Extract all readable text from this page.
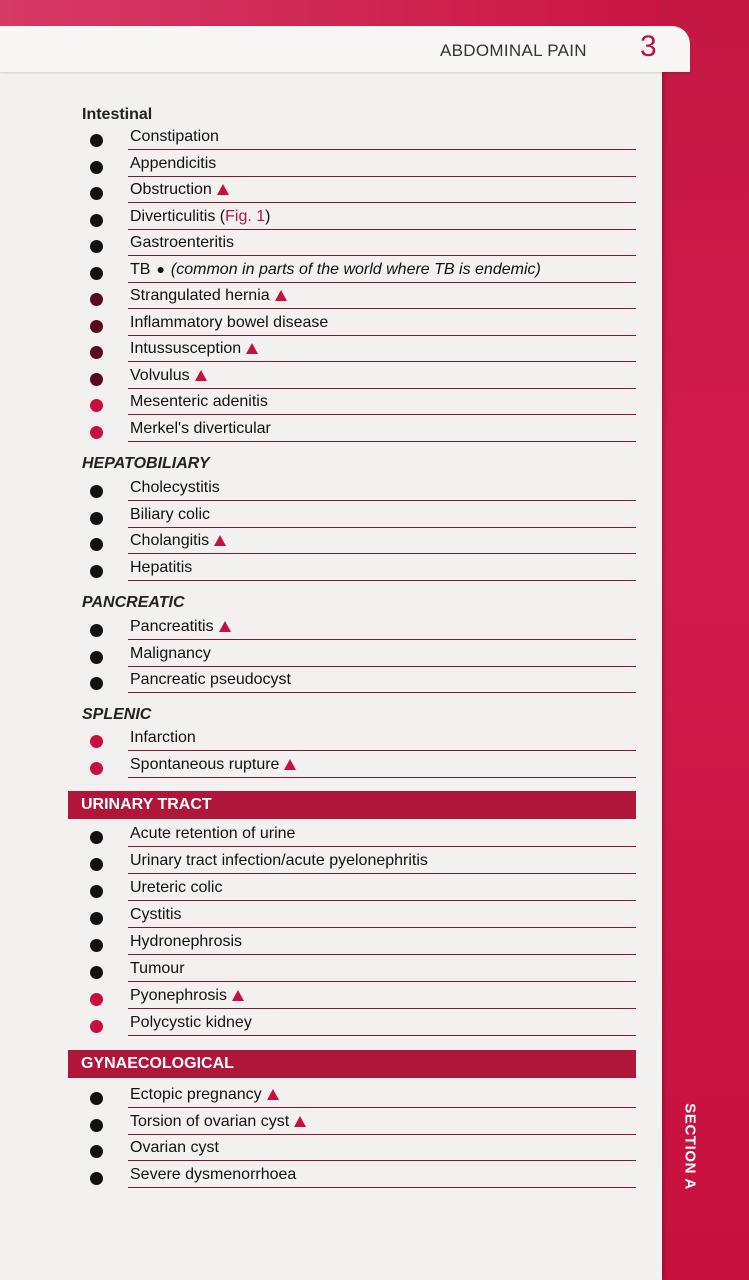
ABDOMINAL PAIN 3
SECTION A
Intestinal
Constipation
Appendicitis
Obstruction
Diverticulitis (Fig. 1)
Gastroenteritis
TB ● (common in parts of the world where TB is endemic)
Strangulated hernia
Inflammatory bowel disease
Intussusception
Volvulus
Mesenteric adenitis
Merkel's diverticular
HEPATOBILIARY
Cholecystitis
Biliary colic
Cholangitis
Hepatitis
PANCREATIC
Pancreatitis
Malignancy
Pancreatic pseudocyst
SPLENIC
Infarction
Spontaneous rupture
URINARY TRACT
Acute retention of urine
Urinary tract infection/acute pyelonephritis
Ureteric colic
Cystitis
Hydronephrosis
Tumour
Pyonephrosis
Polycystic kidney
GYNAECOLOGICAL
Ectopic pregnancy
Torsion of ovarian cyst
Ovarian cyst
Severe dysmenorrhoea
